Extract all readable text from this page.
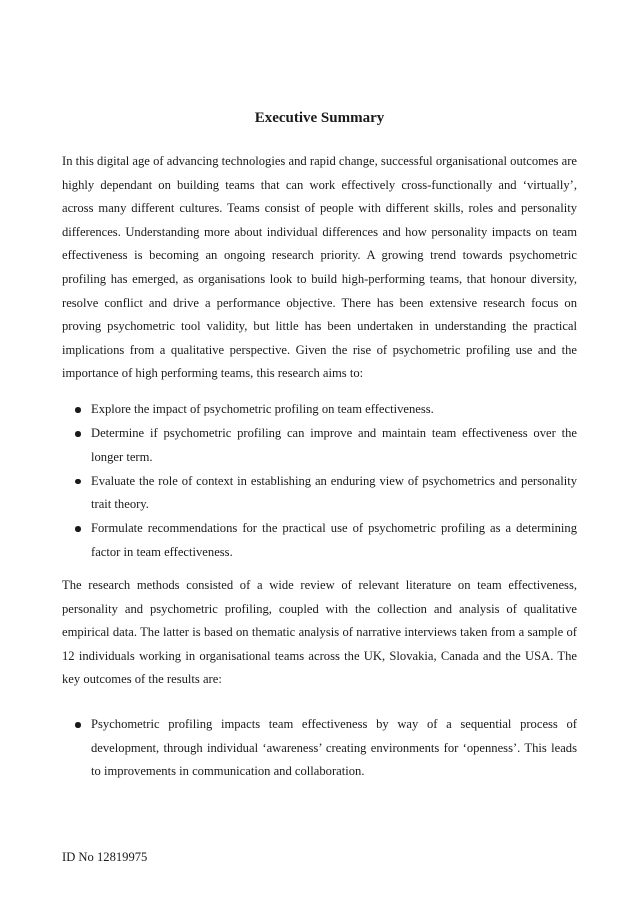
Executive Summary

In this digital age of advancing technologies and rapid change, successful organisational outcomes are highly dependant on building teams that can work effectively cross-functionally and ‘virtually’, across many different cultures. Teams consist of people with different skills, roles and personality differences. Understanding more about individual differences and how personality impacts on team effectiveness is becoming an ongoing research priority. A growing trend towards psychometric profiling has emerged, as organisations look to build high-performing teams, that honour diversity, resolve conflict and drive a performance objective. There has been extensive research focus on proving psychometric tool validity, but little has been undertaken in understanding the practical implications from a qualitative perspective. Given the rise of psychometric profiling use and the importance of high performing teams, this research aims to:

Explore the impact of psychometric profiling on team effectiveness.
Determine if psychometric profiling can improve and maintain team effectiveness over the longer term.
Evaluate the role of context in establishing an enduring view of psychometrics and personality trait theory.
Formulate recommendations for the practical use of psychometric profiling as a determining factor in team effectiveness.

The research methods consisted of a wide review of relevant literature on team effectiveness, personality and psychometric profiling, coupled with the collection and analysis of qualitative empirical data. The latter is based on thematic analysis of narrative interviews taken from a sample of 12 individuals working in organisational teams across the UK, Slovakia, Canada and the USA. The key outcomes of the results are:

Psychometric profiling impacts team effectiveness by way of a sequential process of development, through individual ‘awareness’ creating environments for ‘openness’. This leads to improvements in communication and collaboration.

ID No 12819975
